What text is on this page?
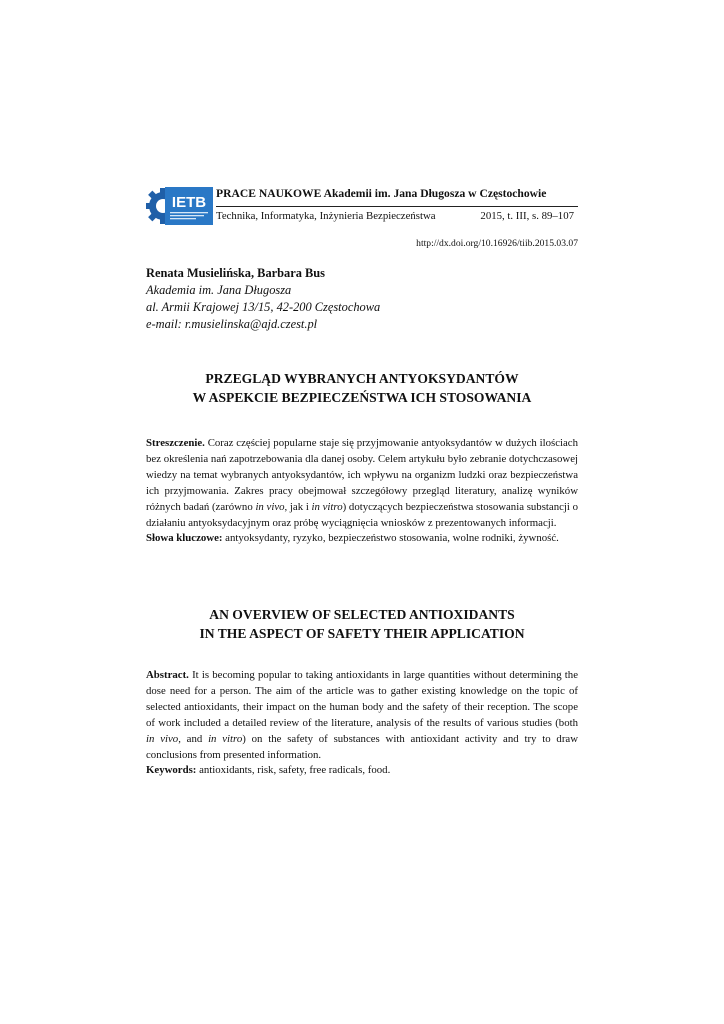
IETB
PRACE NAUKOWE Akademii im. Jana Długosza w Częstochowie
Technika, Informatyka, Inżynieria Bezpieczeństwa	2015, t. III, s. 89–107
http://dx.doi.org/10.16926/tiib.2015.03.07
Renata Musielińska, Barbara Bus
Akademia im. Jana Długosza
al. Armii Krajowej 13/15, 42-200 Częstochowa
e-mail: r.musielinska@ajd.czest.pl
PRZEGLĄD WYBRANYCH ANTYOKSYDANTÓW
W ASPEKCIE BEZPIECZEŃSTWA ICH STOSOWANIA
Streszczenie. Coraz częściej popularne staje się przyjmowanie antyoksydantów w dużych ilościach bez określenia nań zapotrzebowania dla danej osoby. Celem artykułu było zebranie dotychczasowej wiedzy na temat wybranych antyoksydantów, ich wpływu na organizm ludzki oraz bezpieczeństwa ich przyjmowania. Zakres pracy obejmował szczegółowy przegląd literatury, analizę wyników różnych badań (zarówno in vivo, jak i in vitro) dotyczących bezpieczeństwa stosowania substancji o działaniu antyoksydacyjnym oraz próbę wyciągnięcia wniosków z prezentowanych informacji.
Słowa kluczowe: antyoksydanty, ryzyko, bezpieczeństwo stosowania, wolne rodniki, żywność.
AN OVERVIEW OF SELECTED ANTIOXIDANTS
IN THE ASPECT OF SAFETY THEIR APPLICATION
Abstract. It is becoming popular to taking antioxidants in large quantities without determining the dose need for a person. The aim of the article was to gather existing knowledge on the topic of selected antioxidants, their impact on the human body and the safety of their reception. The scope of work included a detailed review of the literature, analysis of the results of various studies (both in vivo, and in vitro) on the safety of substances with antioxidant activity and try to draw conclusions from presented information.
Keywords: antioxidants, risk, safety, free radicals, food.
